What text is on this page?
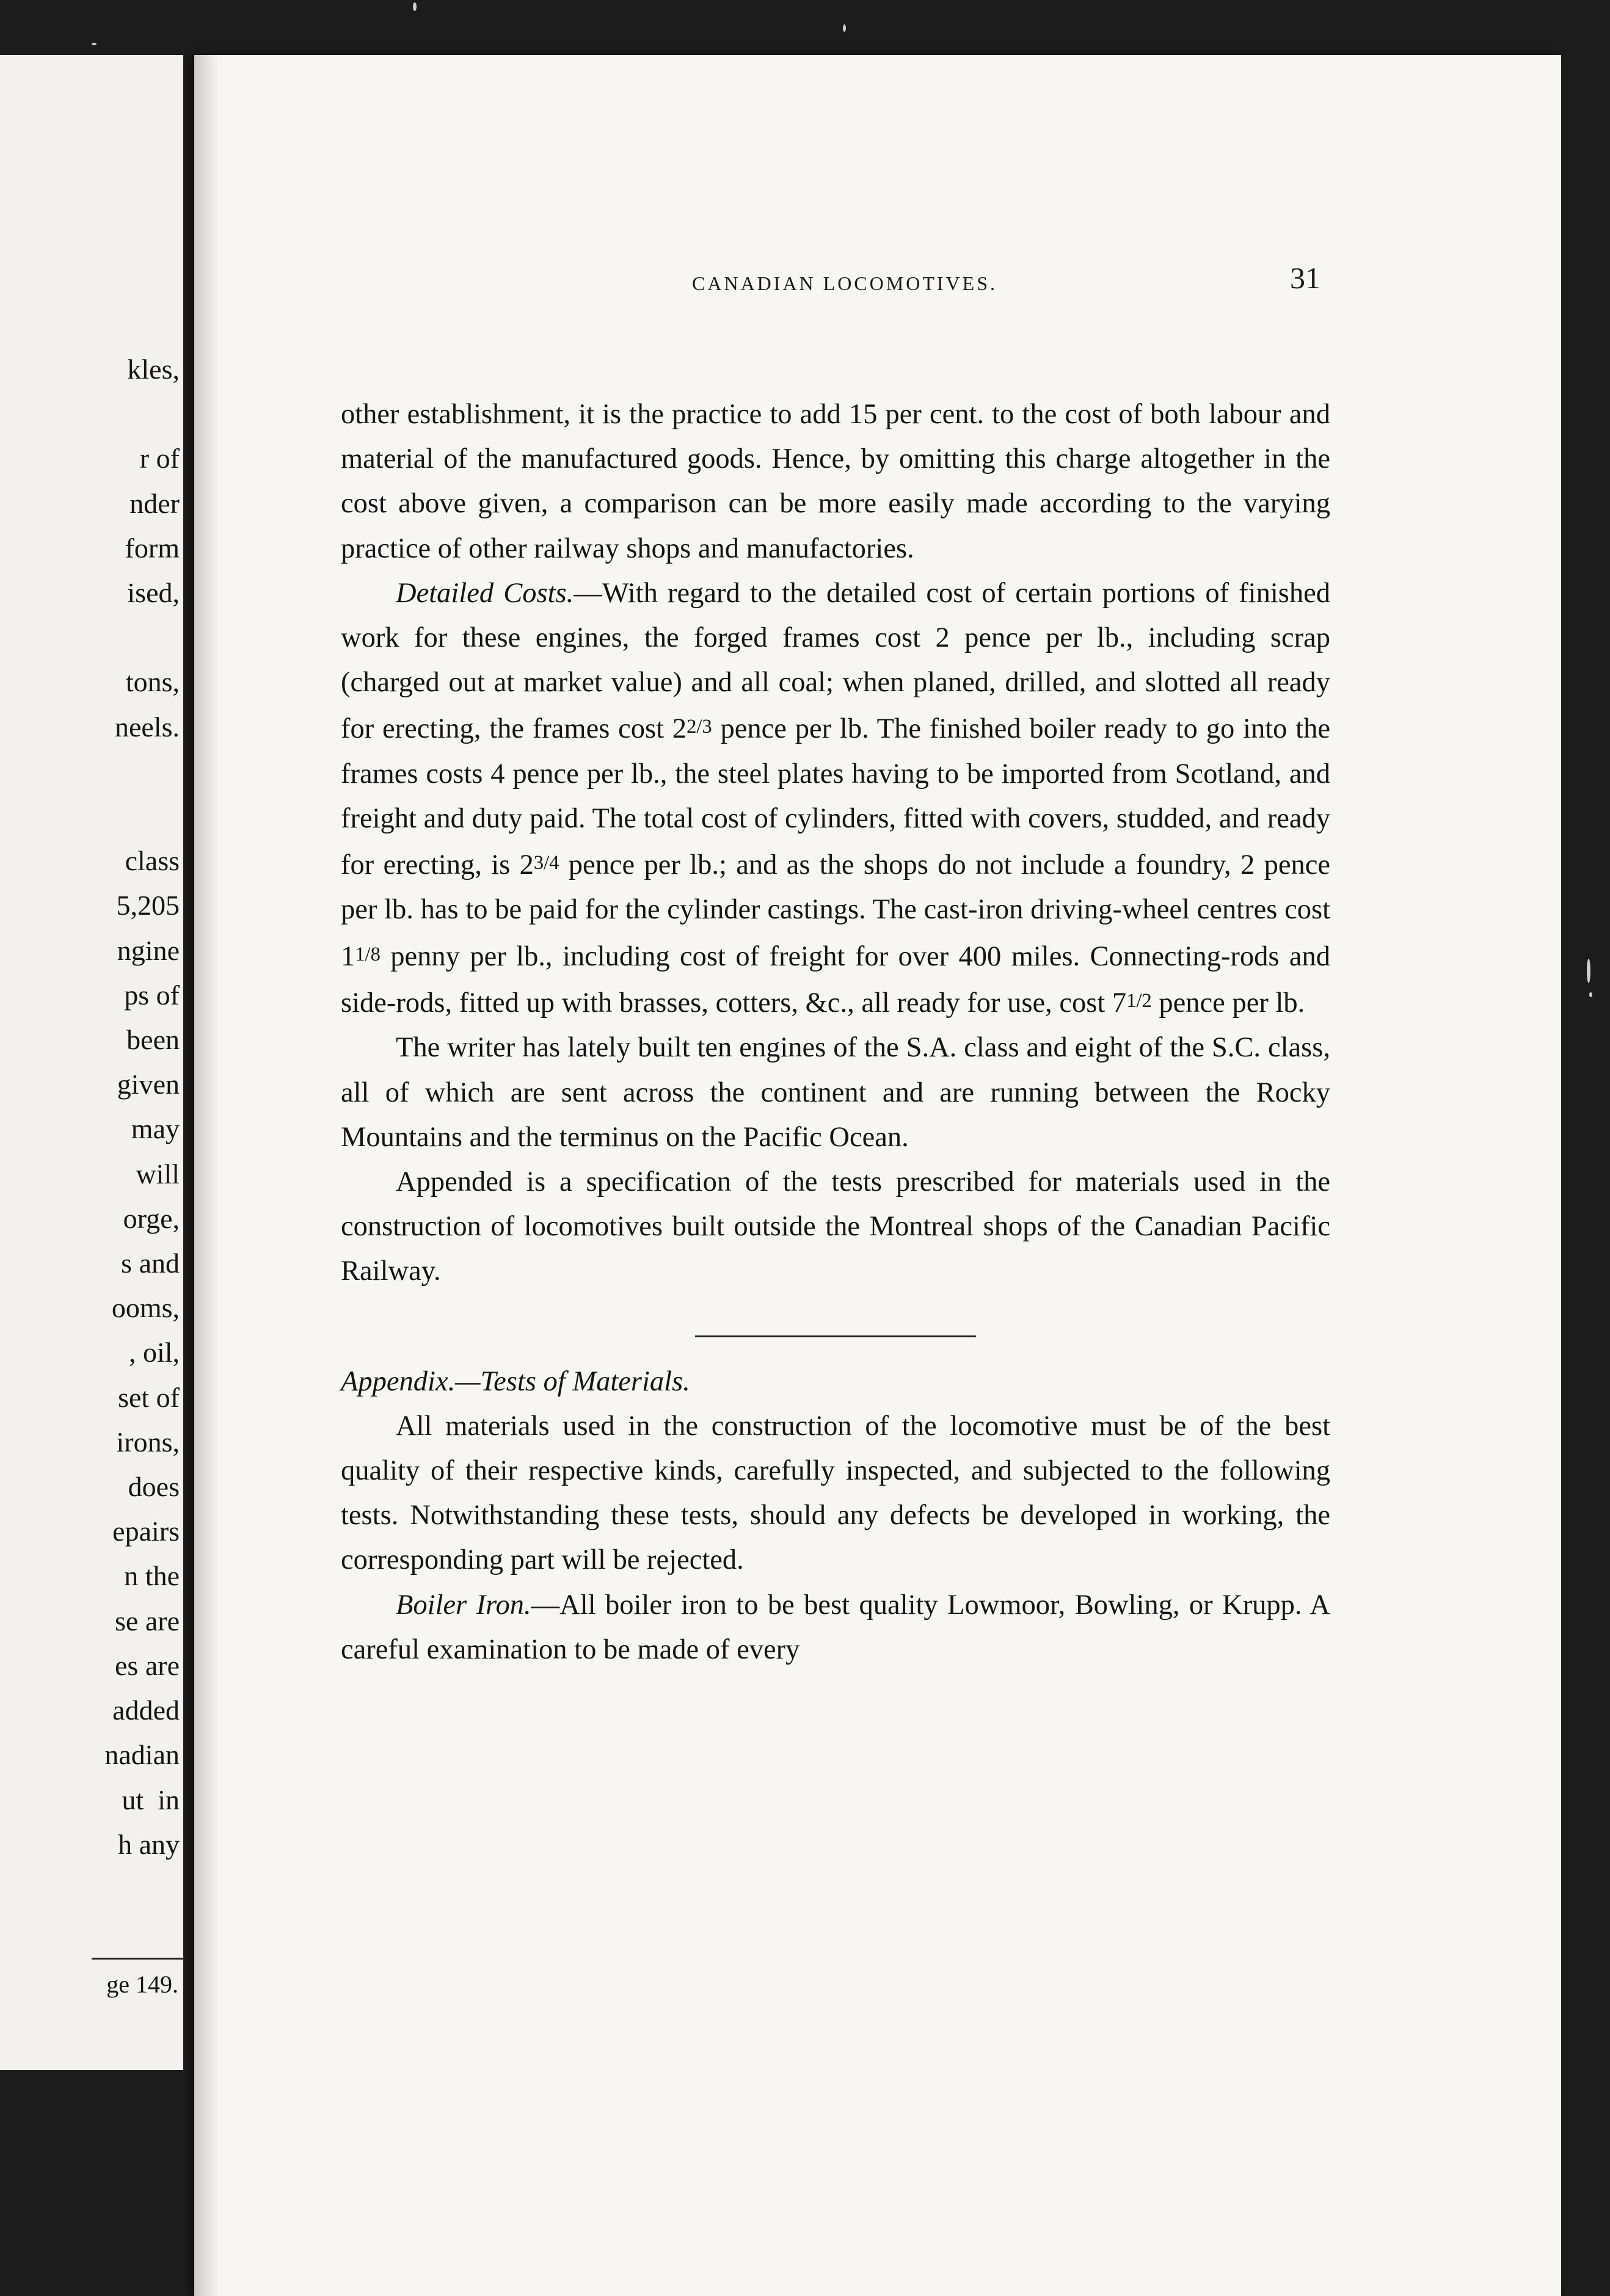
kles,

r of
nder
form
ised,

tons,
neels.

class
5,205
ngine
ps of
been
given
may
will
orge,
s and
ooms,
, oil,
set of
irons,
does
epairs
n the
se are
es are
added
nadian
ut  in
h any
ge 149.
CANADIAN LOCOMOTIVES.	31

other establishment, it is the practice to add 15 per cent. to the cost of both labour and material of the manufactured goods. Hence, by omitting this charge altogether in the cost above given, a comparison can be more easily made according to the varying practice of other railway shops and manufactories.

Detailed Costs.—With regard to the detailed cost of certain portions of finished work for these engines, the forged frames cost 2 pence per lb., including scrap (charged out at market value) and all coal; when planed, drilled, and slotted all ready for erecting, the frames cost 22/3 pence per lb. The finished boiler ready to go into the frames costs 4 pence per lb., the steel plates having to be imported from Scotland, and freight and duty paid. The total cost of cylinders, fitted with covers, studded, and ready for erecting, is 23/4 pence per lb.; and as the shops do not include a foundry, 2 pence per lb. has to be paid for the cylinder castings. The cast-iron driving-wheel centres cost 11/8 penny per lb., including cost of freight for over 400 miles. Connecting-rods and side-rods, fitted up with brasses, cotters, &c., all ready for use, cost 71/2 pence per lb.

The writer has lately built ten engines of the S.A. class and eight of the S.C. class, all of which are sent across the continent and are running between the Rocky Mountains and the terminus on the Pacific Ocean.

Appended is a specification of the tests prescribed for materials used in the construction of locomotives built outside the Montreal shops of the Canadian Pacific Railway.

Appendix.—Tests of Materials.

All materials used in the construction of the locomotive must be of the best quality of their respective kinds, carefully inspected, and subjected to the following tests. Notwithstanding these tests, should any defects be developed in working, the corresponding part will be rejected.

Boiler Iron.—All boiler iron to be best quality Lowmoor, Bowling, or Krupp. A careful examination to be made of every
